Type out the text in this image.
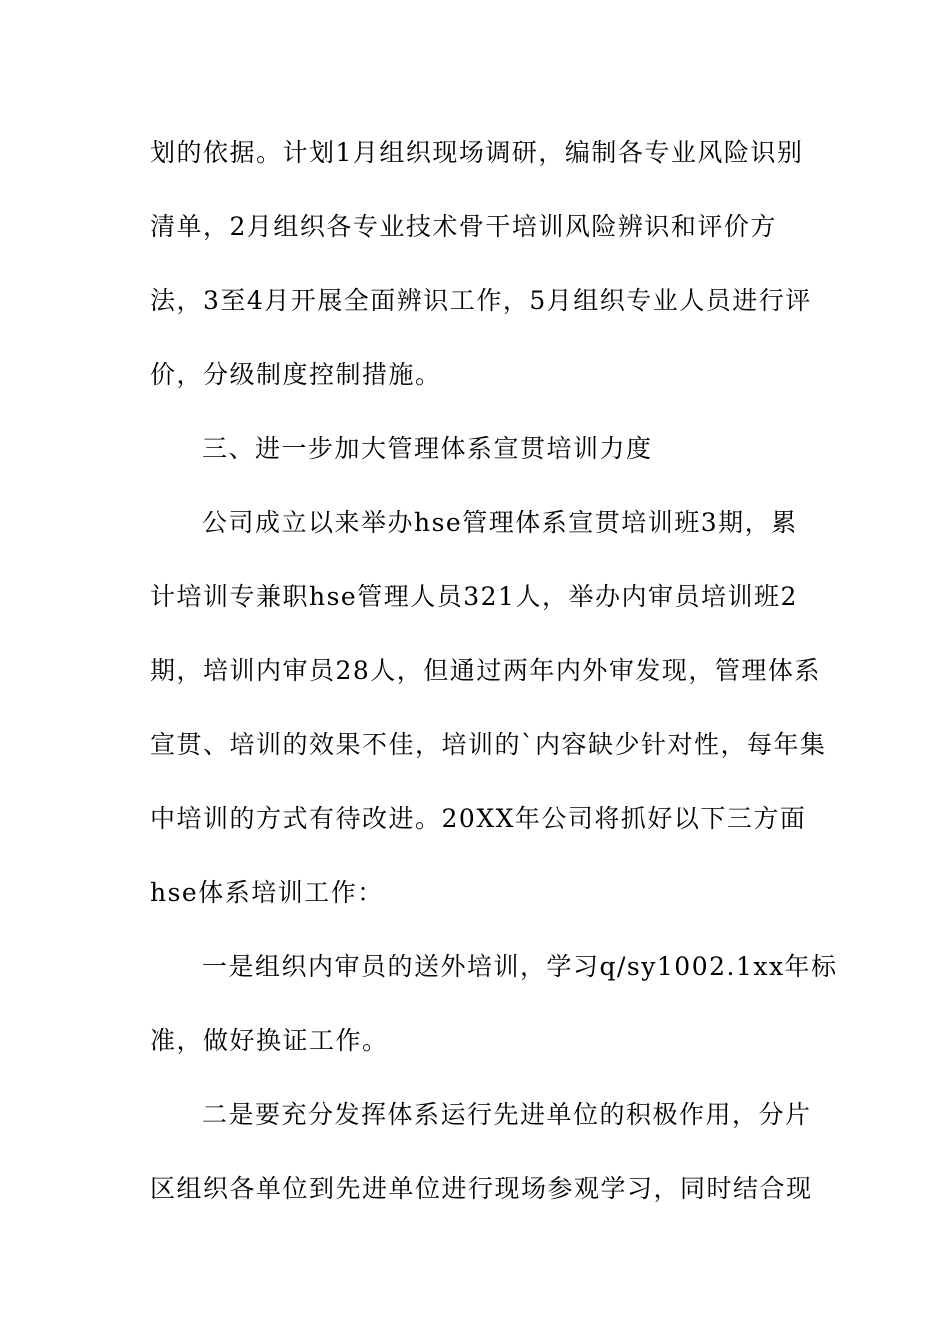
划的依据。计划1月组织现场调研，编制各专业风险识别
清单，2月组织各专业技术骨干培训风险辨识和评价方
法，3至4月开展全面辨识工作，5月组织专业人员进行评
价，分级制度控制措施。
三、进一步加大管理体系宣贯培训力度
公司成立以来举办hse管理体系宣贯培训班3期，累
计培训专兼职hse管理人员321人，举办内审员培训班2
期，培训内审员28人，但通过两年内外审发现，管理体系
宣贯、培训的效果不佳，培训的`内容缺少针对性，每年集
中培训的方式有待改进。20XX年公司将抓好以下三方面
hse体系培训工作：
一是组织内审员的送外培训，学习q/sy1002.1xx年标
准，做好换证工作。
二是要充分发挥体系运行先进单位的积极作用，分片
区组织各单位到先进单位进行现场参观学习，同时结合现
